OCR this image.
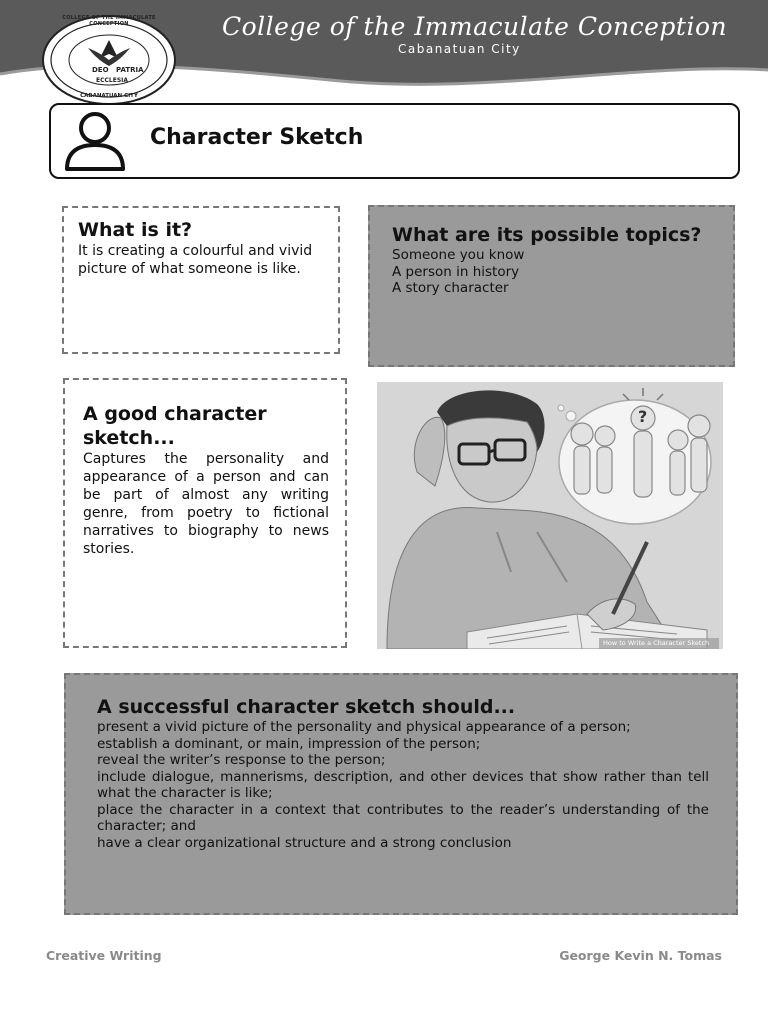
College of the Immaculate Conception
Cabanatuan City
DEO PATRIA
ECCLESIA
COLLEGE OF THE IMMACULATE CONCEPTION
CABANATUAN CITY
Character Sketch
What is it?
It is creating a colourful and vivid picture of what someone is like.
What are its possible topics?
Someone you know
A person in history
A story character
A good character sketch...
Captures the personality and appearance of a person and can be part of almost any writing genre, from poetry to fictional narratives to biography to news stories.
?
How to Write a Character Sketch
A successful character sketch should...
present a vivid picture of the personality and physical appearance of a person;
establish a dominant, or main, impression of the person;
reveal the writer’s response to the person;
include dialogue, mannerisms, description, and other devices that show rather than tell what the character is like;
place the character in a context that contributes to the reader’s understanding of the character; and
have a clear organizational structure and a strong conclusion
Creative Writing	George Kevin N. Tomas
